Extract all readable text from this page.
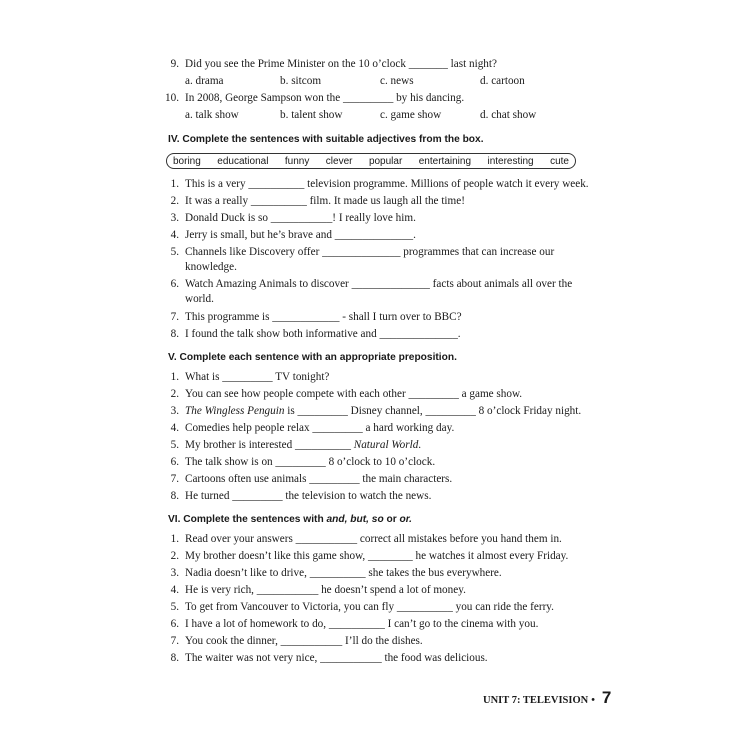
9. Did you see the Prime Minister on the 10 o’clock _______ last night?
a. drama	b. sitcom	c. news	d. cartoon
10. In 2008, George Sampson won the _________ by his dancing.
a. talk show	b. talent show	c. game show	d. chat show
IV. Complete the sentences with suitable adjectives from the box.
boring educational funny clever popular entertaining interesting cute
1. This is a very __________ television programme. Millions of people watch it every week.
2. It was a really __________ film. It made us laugh all the time!
3. Donald Duck is so ___________! I really love him.
4. Jerry is small, but he’s brave and ______________.
5. Channels like Discovery offer ______________ programmes that can increase our knowledge.
6. Watch Amazing Animals to discover ______________ facts about animals all over the world.
7. This programme is ____________ - shall I turn over to BBC?
8. I found the talk show both informative and ______________.
V. Complete each sentence with an appropriate preposition.
1. What is _________ TV tonight?
2. You can see how people compete with each other _________ a game show.
3. The Wingless Penguin is _________ Disney channel, _________ 8 o’clock Friday night.
4. Comedies help people relax _________ a hard working day.
5. My brother is interested __________ Natural World.
6. The talk show is on _________ 8 o’clock to 10 o’clock.
7. Cartoons often use animals _________ the main characters.
8. He turned _________ the television to watch the news.
VI. Complete the sentences with and, but, so or or.
1. Read over your answers ___________ correct all mistakes before you hand them in.
2. My brother doesn’t like this game show, ________ he watches it almost every Friday.
3. Nadia doesn’t like to drive, __________ she takes the bus everywhere.
4. He is very rich, ___________ he doesn’t spend a lot of money.
5. To get from Vancouver to Victoria, you can fly __________ you can ride the ferry.
6. I have a lot of homework to do, __________ I can’t go to the cinema with you.
7. You cook the dinner, ___________ I’ll do the dishes.
8. The waiter was not very nice, ___________ the food was delicious.
UNIT 7: TELEVISION • 7
